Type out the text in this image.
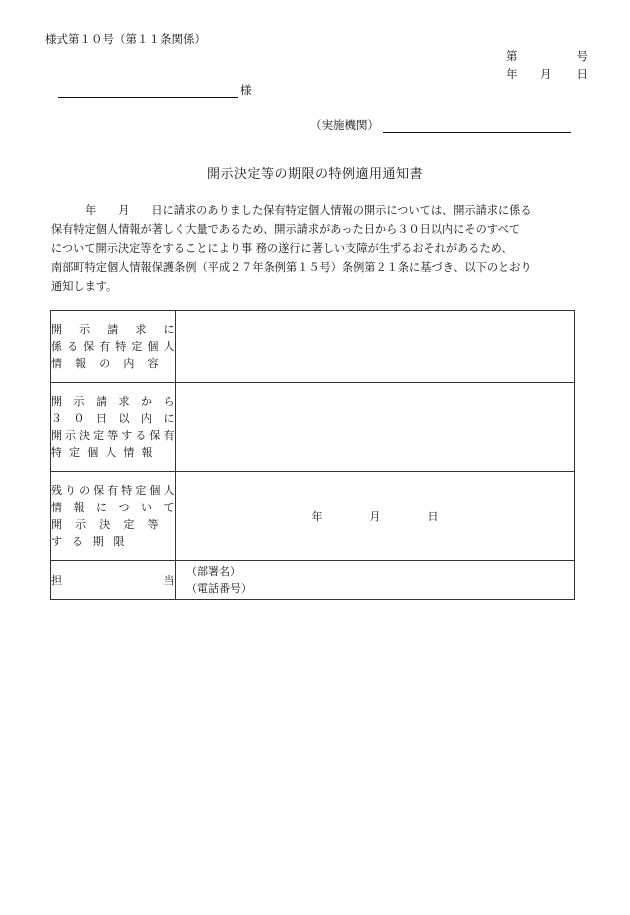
様式第１０号（第１１条関係）
第	号
年 月 日
様
（実施機関）
開示決定等の期限の特例適用通知書
年 月 日に請求のありました保有特定個人情報の開示については、開示請求に係る
保有特定個人情報が著しく大量であるため、開示請求があった日から３０日以内にそのすべて
について開示決定等をすることにより事 務の遂行に著しい支障が生ずるおそれがあるため、
南部町特定個人情報保護条例（平成２７年条例第１５号）条例第２１条に基づき、以下のとおり
通知します。
開 示 請 求 に
係る保有特定個人
情 報 の 内 容	

開 示 請 求 か ら
３ ０ 日 以 内 に
開示決定等する保有
特 定 個 人 情 報	

残りの保有特定個人
情 報 に つ い て
開 示 決 定 等
す る 期 限	年 月 日

担 当	（部署名）
（電話番号）
